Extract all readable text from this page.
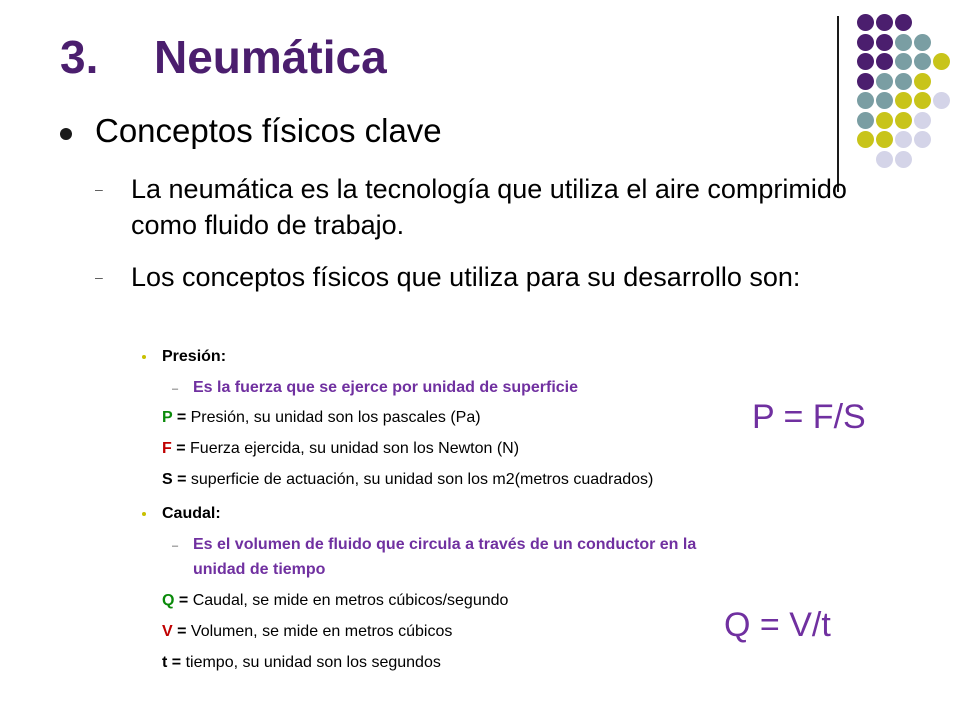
3. Neumática
Conceptos físicos clave
– La neumática es la tecnología que utiliza el aire comprimido como fluido de trabajo.
– Los conceptos físicos que utiliza para su desarrollo son:
Presión:
– Es la fuerza que se ejerce por unidad de superficie
P = Presión, su unidad son los pascales (Pa)
F = Fuerza ejercida, su unidad son los Newton (N)
S = superficie de actuación, su unidad son los m2(metros cuadrados)
P = F/S
Caudal:
– Es el volumen de fluido que circula a través de un conductor en la
unidad de tiempo
Q = Caudal, se mide en metros cúbicos/segundo
V = Volumen, se mide en metros cúbicos
t = tiempo, su unidad son los segundos
Q = V/t
